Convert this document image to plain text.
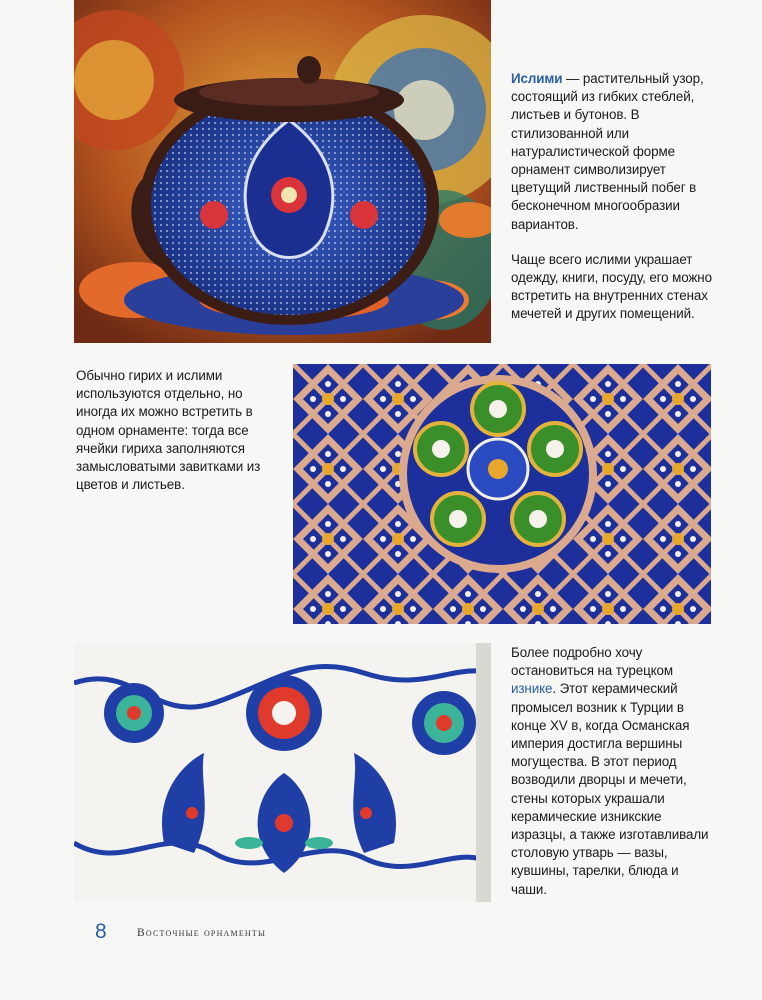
Ислими — растительный узор, состоящий из гибких стеблей, листьев и бутонов. В стилизованной или натуралистической форме орнамент символизирует цветущий лиственный побег в бесконечном многообразии вариантов.

Чаще всего ислими украшает одежду, книги, посуду, его можно встретить на внутренних стенах мечетей и других помещений.

Обычно гирих и ислими используются отдельно, но иногда их можно встретить в одном орнаменте: тогда все ячейки гириха заполняются замысловатыми завитками из цветов и листьев.

Более подробно хочу остановиться на турецком изнике. Этот керамический промысел возник к Турции в конце XV в, когда Османская империя достигла вершины могущества. В этот период возводили дворцы и мечети, стены которых украшали керамические изникские изразцы, а также изготавливали столовую утварь — вазы, кувшины, тарелки, блюда и чаши.

8	Восточные орнаменты
